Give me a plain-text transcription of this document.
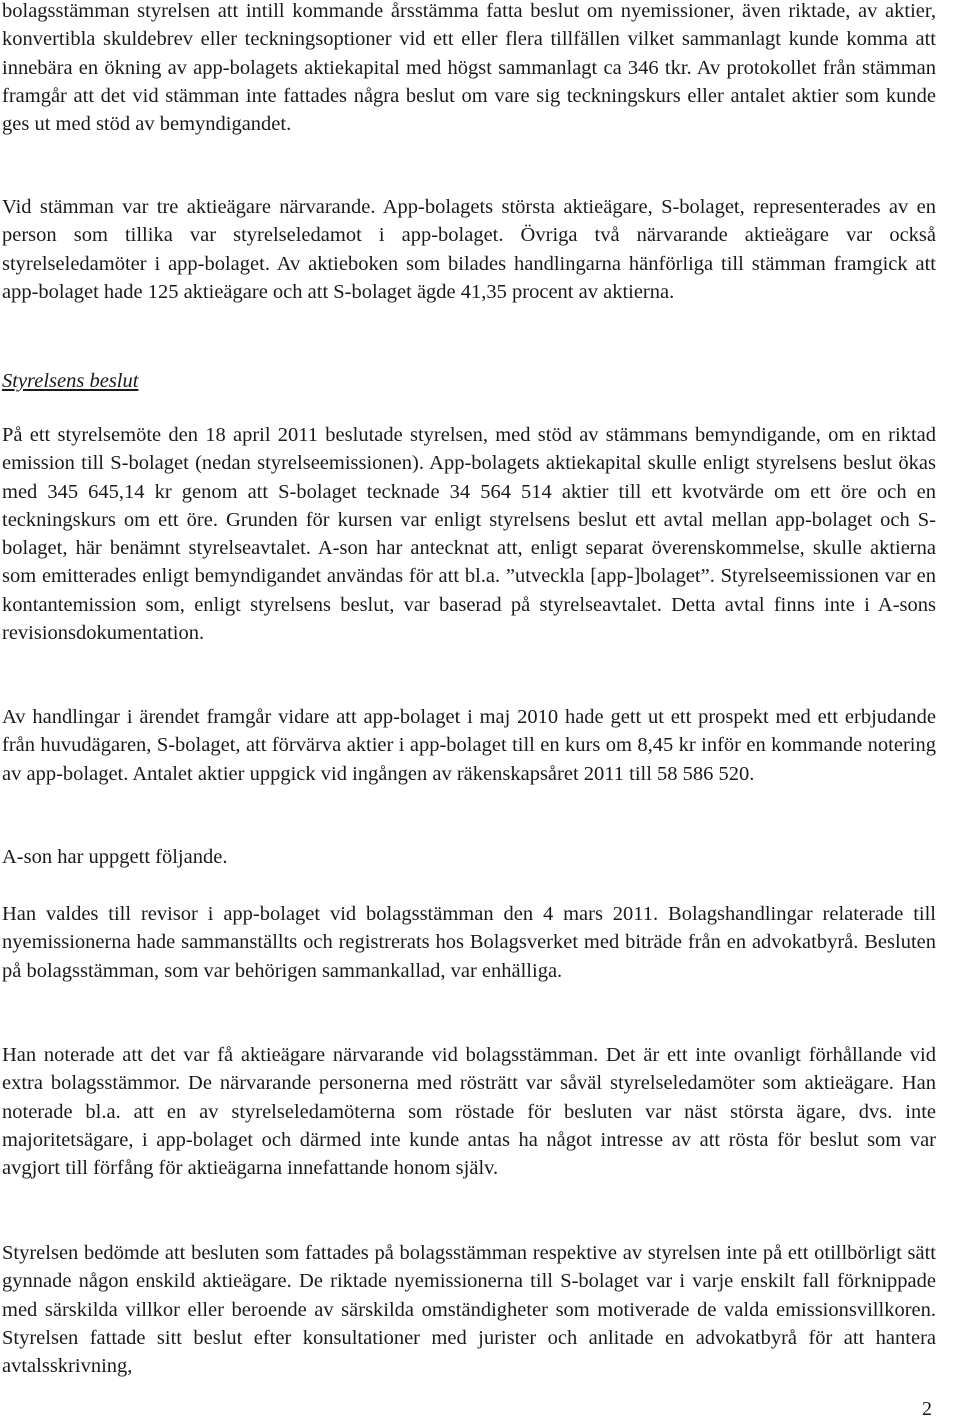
bolagsstämman styrelsen att intill kommande årsstämma fatta beslut om nyemissioner, även riktade, av aktier, konvertibla skuldebrev eller teckningsoptioner vid ett eller flera tillfällen vilket sammanlagt kunde komma att innebära en ökning av app-bolagets aktiekapital med högst sammanlagt ca 346 tkr. Av protokollet från stämman framgår att det vid stämman inte fattades några beslut om vare sig teckningskurs eller antalet aktier som kunde ges ut med stöd av bemyndigandet.

Vid stämman var tre aktieägare närvarande. App-bolagets största aktieägare, S-bolaget, representerades av en person som tillika var styrelseledamot i app-bolaget. Övriga två närvarande aktieägare var också styrelseledamöter i app-bolaget. Av aktieboken som bilades handlingarna hänförliga till stämman framgick att app-bolaget hade 125 aktieägare och att S-bolaget ägde 41,35 procent av aktierna.

Styrelsens beslut

På ett styrelsemöte den 18 april 2011 beslutade styrelsen, med stöd av stämmans bemyndigande, om en riktad emission till S-bolaget (nedan styrelseemissionen). App-bolagets aktiekapital skulle enligt styrelsens beslut ökas med 345 645,14 kr genom att S-bolaget tecknade 34 564 514 aktier till ett kvotvärde om ett öre och en teckningskurs om ett öre. Grunden för kursen var enligt styrelsens beslut ett avtal mellan app-bolaget och S-bolaget, här benämnt styrelseavtalet. A-son har antecknat att, enligt separat överenskommelse, skulle aktierna som emitterades enligt bemyndigandet användas för att bl.a. ”utveckla [app-]bolaget”. Styrelseemissionen var en kontantemission som, enligt styrelsens beslut, var baserad på styrelseavtalet. Detta avtal finns inte i A-sons revisionsdokumentation.

Av handlingar i ärendet framgår vidare att app-bolaget i maj 2010 hade gett ut ett prospekt med ett erbjudande från huvudägaren, S-bolaget, att förvärva aktier i app-bolaget till en kurs om 8,45 kr inför en kommande notering av app-bolaget. Antalet aktier uppgick vid ingången av räkenskapsåret 2011 till 58 586 520.

A-son har uppgett följande.

Han valdes till revisor i app-bolaget vid bolagsstämman den 4 mars 2011. Bolagshandlingar relaterade till nyemissionerna hade sammanställts och registrerats hos Bolagsverket med biträde från en advokatbyrå. Besluten på bolagsstämman, som var behörigen sammankallad, var enhälliga.

Han noterade att det var få aktieägare närvarande vid bolagsstämman. Det är ett inte ovanligt förhållande vid extra bolagsstämmor. De närvarande personerna med rösträtt var såväl styrelseledamöter som aktieägare. Han noterade bl.a. att en av styrelseledamöterna som röstade för besluten var näst största ägare, dvs. inte majoritetsägare, i app-bolaget och därmed inte kunde antas ha något intresse av att rösta för beslut som var avgjort till förfång för aktieägarna innefattande honom själv.

Styrelsen bedömde att besluten som fattades på bolagsstämman respektive av styrelsen inte på ett otillbörligt sätt gynnade någon enskild aktieägare. De riktade nyemissionerna till S-bolaget var i varje enskilt fall förknippade med särskilda villkor eller beroende av särskilda omständigheter som motiverade de valda emissionsvillkoren. Styrelsen fattade sitt beslut efter konsultationer med jurister och anlitade en advokatbyrå för att hantera avtalsskrivning,

2
